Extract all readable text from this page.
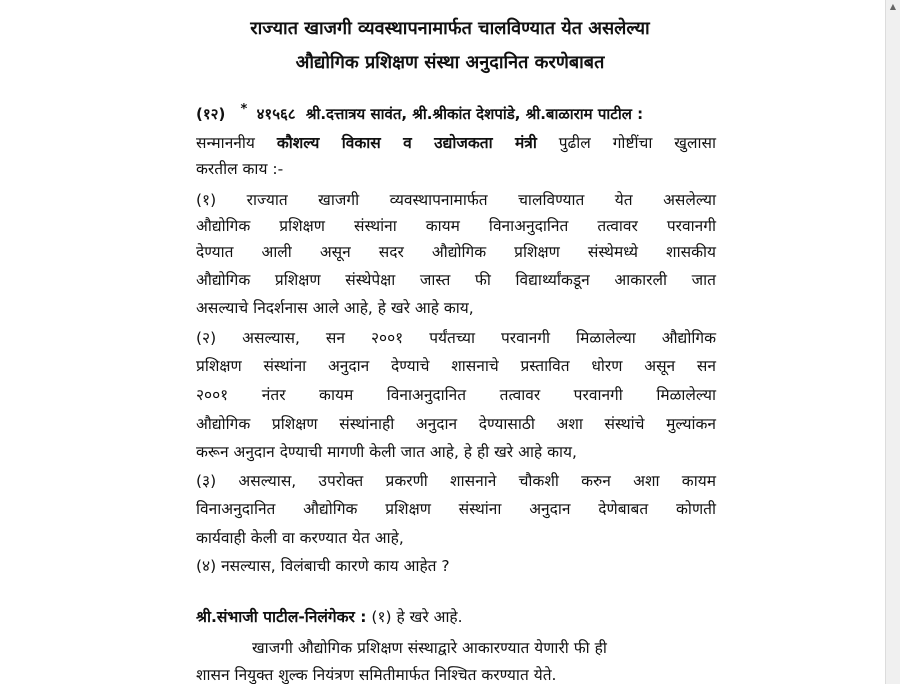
राज्यात खाजगी व्यवस्थापनामार्फत चालविण्यात येत असलेल्या
औद्योगिक प्रशिक्षण संस्था अनुदानित करणेबाबत
(१२) * ४१५६८ श्री.दत्तात्रय सावंत, श्री.श्रीकांत देशपांडे, श्री.बाळाराम पाटील :
सन्माननीय कौशल्य विकास व उद्योजकता मंत्री पुढील गोष्टींचा खुलासा
करतील काय :-
(१) राज्यात खाजगी व्यवस्थापनामार्फत चालविण्यात येत असलेल्या
औद्योगिक प्रशिक्षण संस्थांना कायम विनाअनुदानित तत्वावर परवानगी
देण्यात आली असून सदर औद्योगिक प्रशिक्षण संस्थेमध्ये शासकीय
औद्योगिक प्रशिक्षण संस्थेपेक्षा जास्त फी विद्यार्थ्यांकडून आकारली जात
असल्याचे निदर्शनास आले आहे, हे खरे आहे काय,
(२) असल्यास, सन २००१ पर्यंतच्या परवानगी मिळालेल्या औद्योगिक
प्रशिक्षण संस्थांना अनुदान देण्याचे शासनाचे प्रस्तावित धोरण असून सन
२००१ नंतर कायम विनाअनुदानित तत्वावर परवानगी मिळालेल्या
औद्योगिक प्रशिक्षण संस्थांनाही अनुदान देण्यासाठी अशा संस्थांचे मुल्यांकन
करून अनुदान देण्याची मागणी केली जात आहे, हे ही खरे आहे काय,
(३) असल्यास, उपरोक्त प्रकरणी शासनाने चौकशी करुन अशा कायम
विनाअनुदानित औद्योगिक प्रशिक्षण संस्थांना अनुदान देणेबाबत कोणती
कार्यवाही केली वा करण्यात येत आहे,
(४) नसल्यास, विलंबाची कारणे काय आहेत ?
श्री.संभाजी पाटील-निलंगेकर : (१) हे खरे आहे.
खाजगी औद्योगिक प्रशिक्षण संस्थाद्वारे आकारण्यात येणारी फी ही
शासन नियुक्त शुल्क नियंत्रण समितीमार्फत निश्चित करण्यात येते.
▲
